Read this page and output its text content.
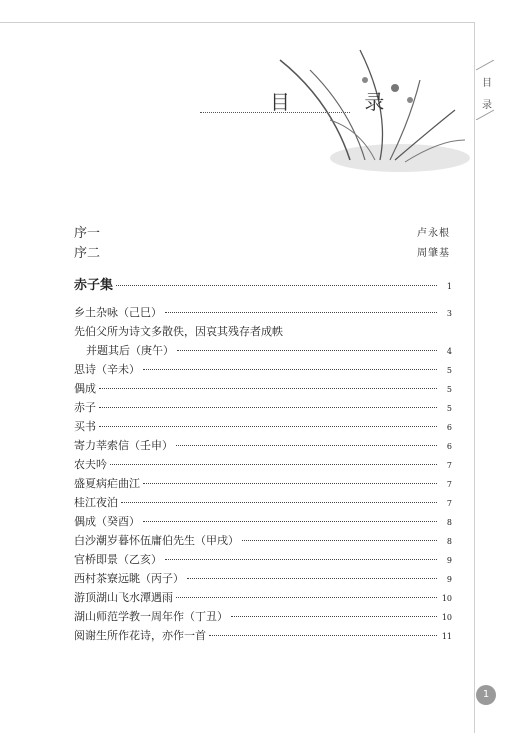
目
录
目 录
序一	卢永根
序二	周肇基
赤子集	1
乡土杂咏（己巳）	3
先伯父所为诗文多散佚，因哀其残存者成帙
并题其后（庚午）	4
思诗（辛未）	5
偶成	5
赤子	5
买书	6
寄力莘索信（壬申）	6
农夫吟	7
盛夏病疟曲江	7
桂江夜泊	7
偶成（癸酉）	8
白沙潮岁暮怀伍庸伯先生（甲戌）	8
官桥即景（乙亥）	9
西村茶寮远眺（丙子）	9
游顶湖山飞水潭遇雨	10
湖山师范学教一周年作（丁丑）	10
阅谢生所作花诗，亦作一首	11
1
